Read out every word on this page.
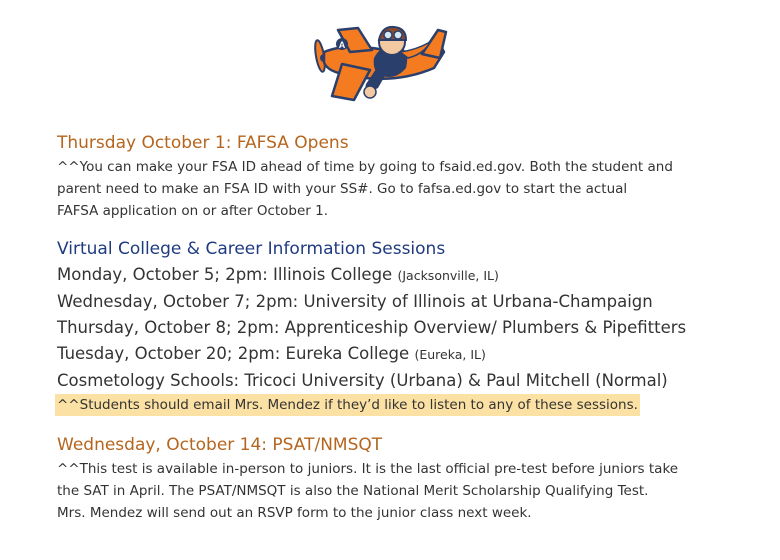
A
Thursday October 1: FAFSA Opens

^^You can make your FSA ID ahead of time by going to fsaid.ed.gov. Both the student and

parent need to make an FSA ID with your SS#. Go to fafsa.ed.gov to start the actual

FAFSA application on or after October 1.

Virtual College & Career Information Sessions

Monday, October 5; 2pm: Illinois College (Jacksonville, IL)

Wednesday, October 7; 2pm: University of Illinois at Urbana-Champaign

Thursday, October 8; 2pm: Apprenticeship Overview/ Plumbers & Pipefitters

Tuesday, October 20; 2pm: Eureka College (Eureka, IL)

Cosmetology Schools: Tricoci University (Urbana) & Paul Mitchell (Normal)

^^Students should email Mrs. Mendez if they’d like to listen to any of these sessions.
Wednesday, October 14: PSAT/NMSQT

^^This test is available in-person to juniors. It is the last official pre-test before juniors take

the SAT in April. The PSAT/NMSQT is also the National Merit Scholarship Qualifying Test.

Mrs. Mendez will send out an RSVP form to the junior class next week.
